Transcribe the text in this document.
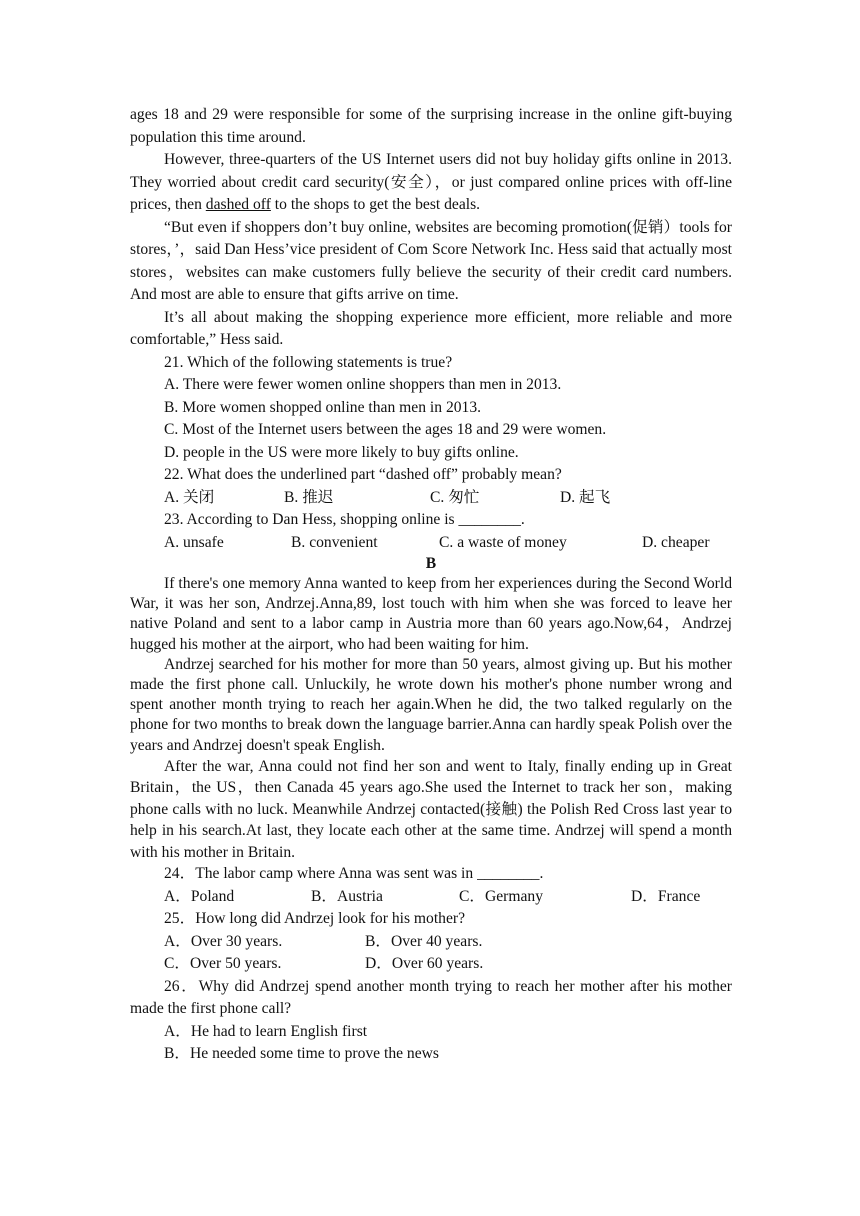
ages 18 and 29 were responsible for some of the surprising increase in the online gift-buying population this time around.

However, three-quarters of the US Internet users did not buy holiday gifts online in 2013. They worried about credit card security(安全），or just compared online prices with off-line prices, then dashed off to the shops to get the best deals.

“But even if shoppers don’t buy online, websites are becoming promotion(促销）tools for stores，’，said Dan Hess’vice president of Com Score Network Inc. Hess said that actually most stores，websites can make customers fully believe the security of their credit card numbers. And most are able to ensure that gifts arrive on time.

It’s all about making the shopping experience more efficient, more reliable and more comfortable,” Hess said.

21. Which of the following statements is true?

A. There were fewer women online shoppers than men in 2013.

B. More women shopped online than men in 2013.

C. Most of the Internet users between the ages 18 and 29 were women.

D. people in the US were more likely to buy gifts online.

22. What does the underlined part “dashed off” probably mean?

A. 关闭	B. 推迟	C. 匆忙	D. 起飞

23. According to Dan Hess, shopping online is ________.

A. unsafe	B. convenient	C. a waste of money	D. cheaper

B

If there's one memory Anna wanted to keep from her experiences during the Second World War, it was her son, Andrzej.Anna,89, lost touch with him when she was forced to leave her native Poland and sent to a labor camp in Austria more than 60 years ago.Now,64，Andrzej hugged his mother at the airport, who had been waiting for him.

Andrzej searched for his mother for more than 50 years, almost giving up. But his mother made the first phone call. Unluckily, he wrote down his mother's phone number wrong and spent another month trying to reach her again.When he did, the two talked regularly on the phone for two months to break down the language barrier.Anna can hardly speak Polish over the years and Andrzej doesn't speak English.

After the war, Anna could not find her son and went to Italy, finally ending up in Great Britain，the US，then Canada 45 years ago.She used the Internet to track her son，making phone calls with no luck. Meanwhile Andrzej contacted(接触) the Polish Red Cross last year to help in his search.At last, they locate each other at the same time. Andrzej will spend a month with his mother in Britain.

24．The labor camp where Anna was sent was in ________.

A．Poland	B．Austria	C．Germany	D．France

25．How long did Andrzej look for his mother?

A．Over 30 years.	B．Over 40 years.
C．Over 50 years.	D．Over 60 years.

26．Why did Andrzej spend another month trying to reach her mother after his mother made the first phone call?

A．He had to learn English first

B．He needed some time to prove the news
